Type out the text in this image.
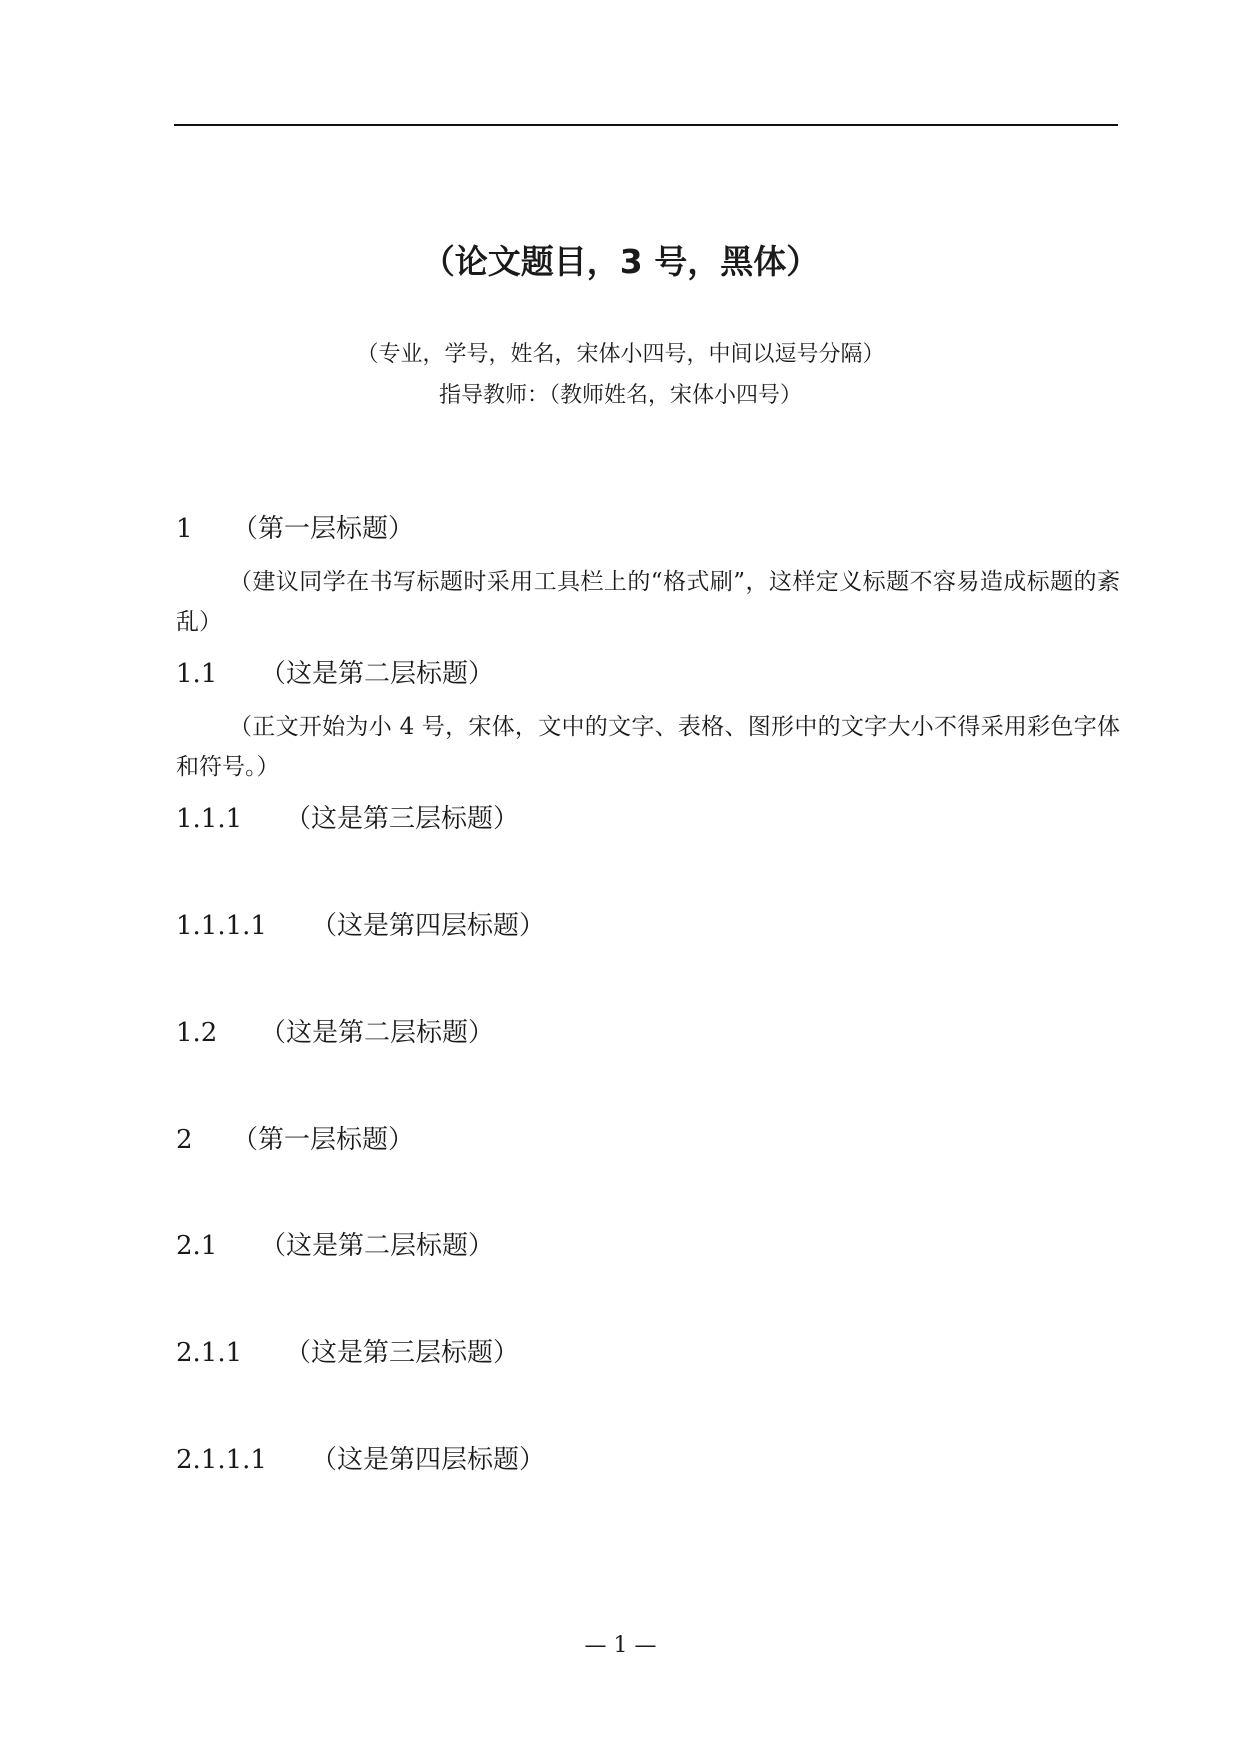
（论文题目，3 号，黑体）
（专业，学号，姓名，宋体小四号，中间以逗号分隔）
指导教师：（教师姓名，宋体小四号）
1 （第一层标题）
（建议同学在书写标题时采用工具栏上的“格式刷”，这样定义标题不容易造成标题的紊乱）
1.1 （这是第二层标题）
（正文开始为小 4 号，宋体，文中的文字、表格、图形中的文字大小不得采用彩色字体和符号。）
1.1.1 （这是第三层标题）
1.1.1.1 （这是第四层标题）
1.2 （这是第二层标题）
2 （第一层标题）
2.1 （这是第二层标题）
2.1.1 （这是第三层标题）
2.1.1.1 （这是第四层标题）
— 1 —
